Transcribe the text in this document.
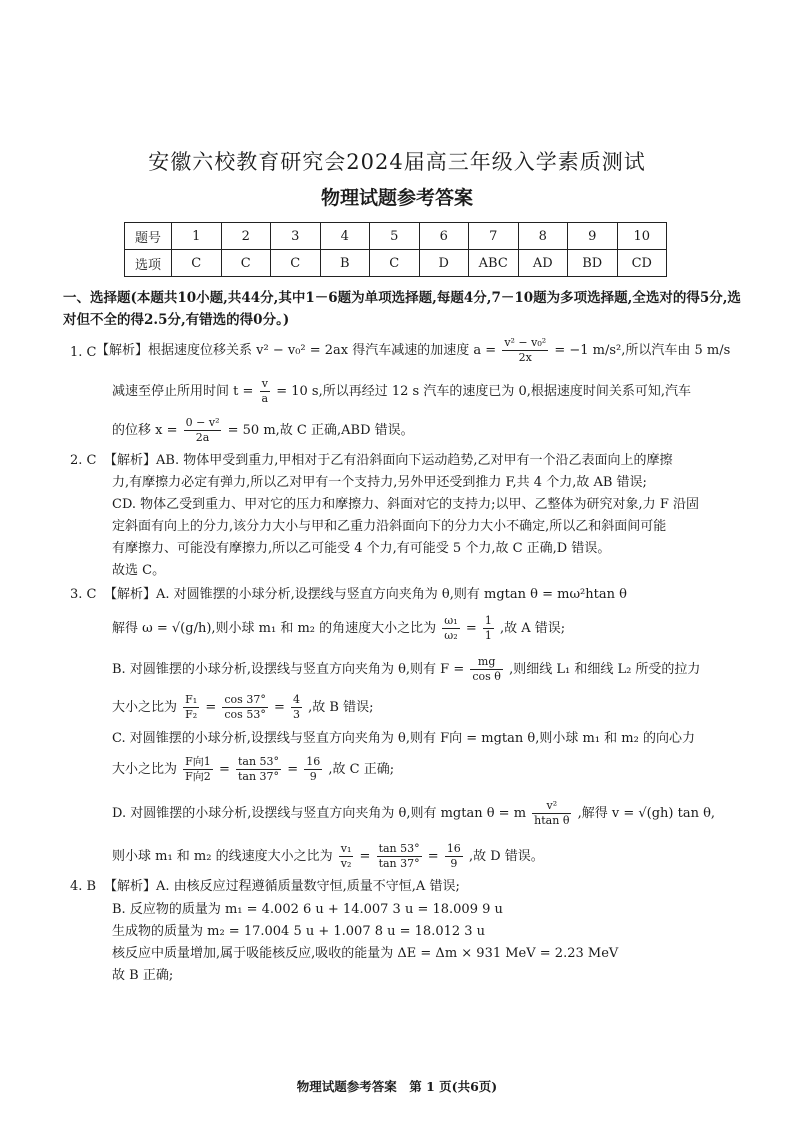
安徽六校教育研究会2024届高三年级入学素质测试
物理试题参考答案
题号	1	2	3	4	5	6	7	8	9	10
选项	C	C	C	B	C	D	ABC	AD	BD	CD
一、选择题(本题共10小题,共44分,其中1－6题为单项选择题,每题4分,7－10题为多项选择题,全选对的得5分,选对但不全的得2.5分,有错选的得0分。)
1. C 【解析】根据速度位移关系 v² − v₀² = 2ax 得汽车减速的加速度 $a = \frac{\text{v² − v₀²}}{2x} = -1$ m/s²,所以汽车由 5 m/s
减速至停止所用时间 $t = \frac{v}{a} = 10$ s,所以再经过 12 s 汽车的速度已为 0,根据速度时间关系可知,汽车
的位移 $x = \frac{\text{0 − v²}}{2a} = 50$ m,故 C 正确,ABD 错误。
2. C 【解析】AB. 物体甲受到重力,甲相对于乙有沿斜面向下运动趋势,乙对甲有一个沿乙表面向上的摩擦
力,有摩擦力必定有弹力,所以乙对甲有一个支持力,另外甲还受到推力 F,共 4 个力,故 AB 错误;
CD. 物体乙受到重力、甲对它的压力和摩擦力、斜面对它的支持力;以甲、乙整体为研究对象,力 F 沿固
定斜面有向上的分力,该分力大小与甲和乙重力沿斜面向下的分力大小不确定,所以乙和斜面间可能
有摩擦力、可能没有摩擦力,所以乙可能受 4 个力,有可能受 5 个力,故 C 正确,D 错误。
故选 C。
3. C 【解析】A. 对圆锥摆的小球分析,设摆线与竖直方向夹角为 θ,则有 mgtan θ = mω²htan θ
解得 ω = √(g/h),则小球 m₁ 和 m₂ 的角速度大小之比为 $\frac{\text{ω₁}}{\text{ω₂}} = \frac{1}{1}$ ,故 A 错误;
B. 对圆锥摆的小球分析,设摆线与竖直方向夹角为 θ,则有 $F = \frac{mg}{\text{cos θ}}$ ,则细线 L₁ 和细线 L₂ 所受的拉力
大小之比为 $\frac{\text{F₁}}{\text{F₂}} = \frac{\cos 37^\circ}{\cos 53^\circ} = \frac{4}{3}$ ,故 B 错误;
C. 对圆锥摆的小球分析,设摆线与竖直方向夹角为 θ,则有 F向 = mgtan θ,则小球 m₁ 和 m₂ 的向心力
大小之比为 $\frac{\text{F向1}}{\text{F向2}} = \frac{\tan 53^\circ}{\tan 37^\circ} = \frac{16}{9}$ ,故 C 正确;
D. 对圆锥摆的小球分析,设摆线与竖直方向夹角为 θ,则有 mgtan θ = m $\frac{\text{v²}}{\text{htan θ}}$ ,解得 v = √(gh) tan θ,
则小球 m₁ 和 m₂ 的线速度大小之比为 $\frac{\text{v₁}}{\text{v₂}} = \frac{\tan 53^\circ}{\tan 37^\circ} = \frac{16}{9}$ ,故 D 错误。
4. B 【解析】A. 由核反应过程遵循质量数守恒,质量不守恒,A 错误;
B. 反应物的质量为 m₁ = 4.002 6 u + 14.007 3 u = 18.009 9 u
生成物的质量为 m₂ = 17.004 5 u + 1.007 8 u = 18.012 3 u
核反应中质量增加,属于吸能核反应,吸收的能量为 ΔE = Δm × 931 MeV = 2.23 MeV
故 B 正确;
物理试题参考答案　第 1 页(共6页)
